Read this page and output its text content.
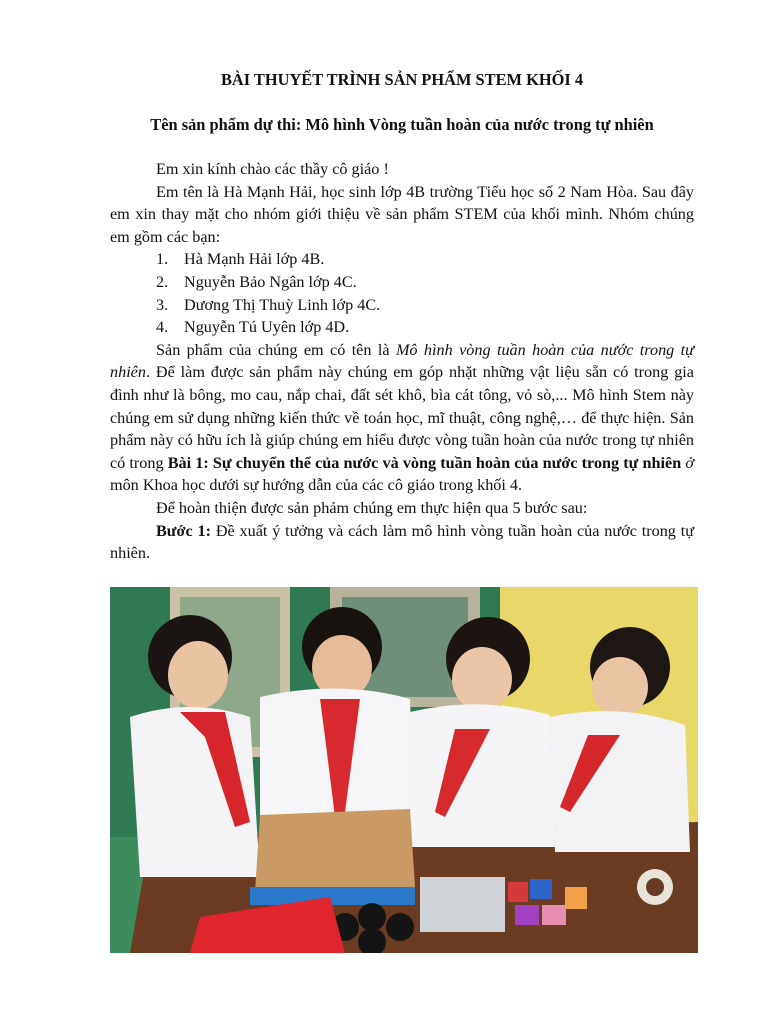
BÀI THUYẾT TRÌNH SẢN PHẨM STEM KHỐI 4
Tên sản phẩm dự thi: Mô hình Vòng tuần hoàn của nước trong tự nhiên

Em xin kính chào các thầy cô giáo !

Em tên là Hà Mạnh Hải, học sinh lớp 4B trường Tiểu học số 2 Nam Hòa. Sau đây em xin thay mặt cho nhóm giới thiệu về sản phẩm STEM của khối mình. Nhóm chúng em gồm các bạn:

1. Hà Mạnh Hải lớp 4B.

2. Nguyễn Bảo Ngân lớp 4C.

3. Dương Thị Thuỳ Linh lớp 4C.

4. Nguyễn Tú Uyên lớp 4D.

Sản phẩm của chúng em có tên là Mô hình vòng tuần hoàn của nước trong tự nhiên. Để làm được sản phẩm này chúng em góp nhặt những vật liệu sẵn có trong gia đình như là bông, mo cau, nắp chai, đất sét khô, bìa cát tông, vỏ sò,... Mô hình Stem này chúng em sử dụng những kiến thức về toán học, mĩ thuật, công nghệ,… để thực hiện. Sản phẩm này có hữu ích là giúp chúng em hiểu được vòng tuần hoàn của nước trong tự nhiên có trong Bài 1: Sự chuyển thể của nước và vòng tuần hoàn của nước trong tự nhiên ở môn Khoa học dưới sự hướng dẫn của các cô giáo trong khối 4.

Để hoàn thiện được sản phảm chúng em thực hiện qua 5 bước sau:

Bước 1: Đề xuất ý tưởng và cách làm mô hình vòng tuần hoàn của nước trong tự nhiên.
